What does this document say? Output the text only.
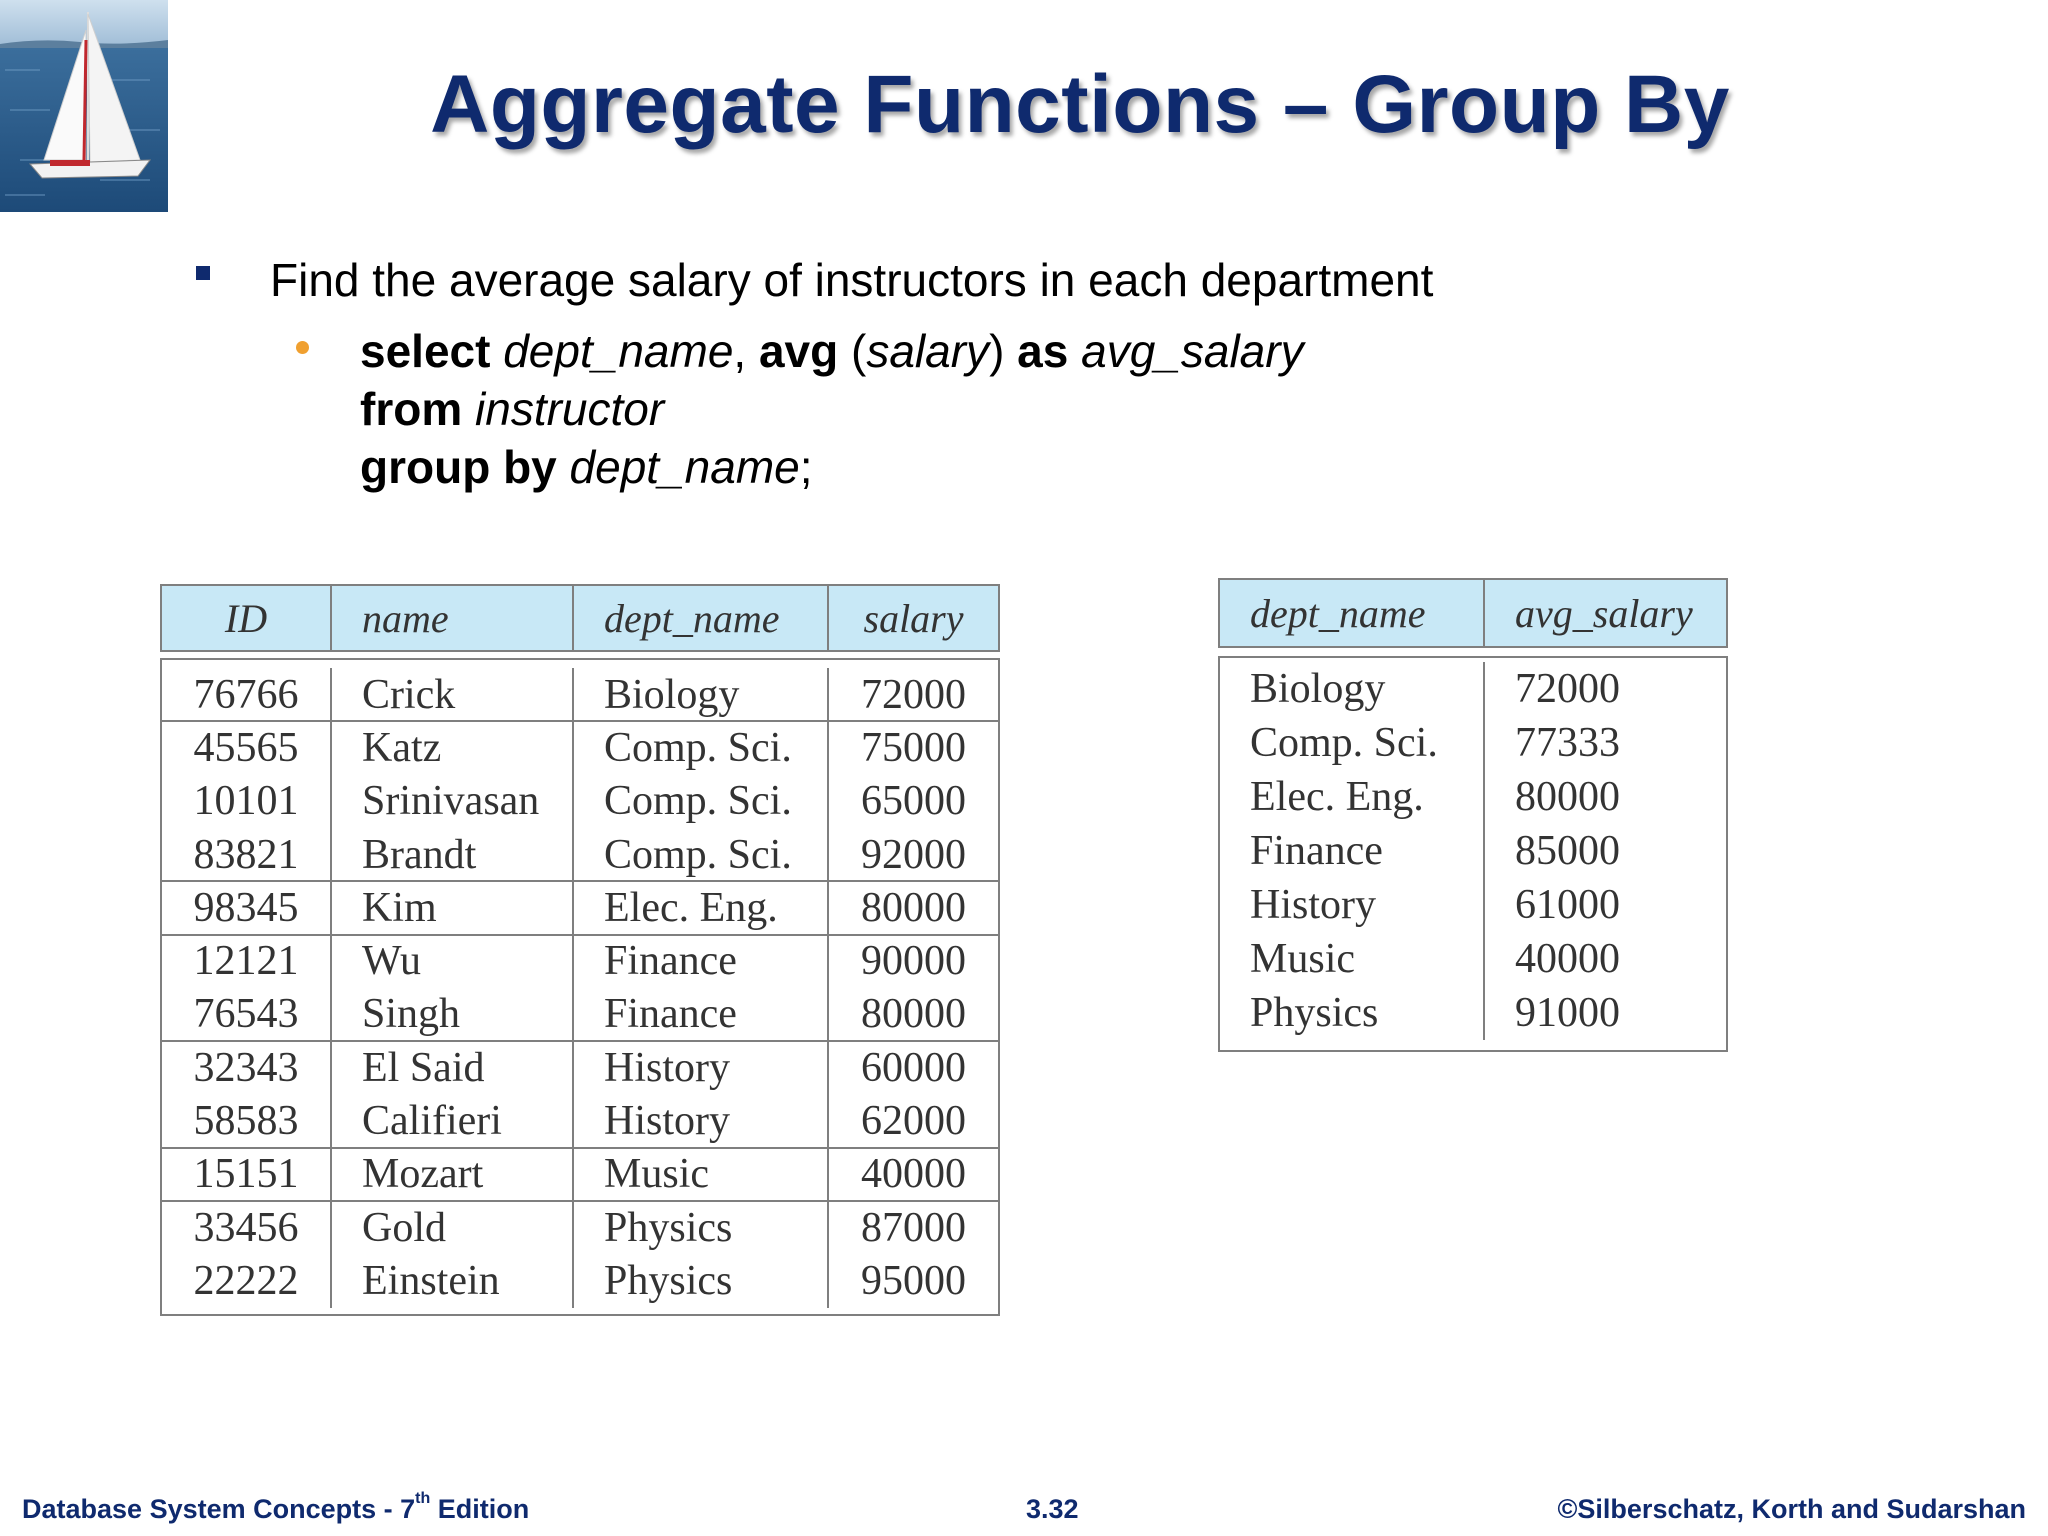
Aggregate Functions – Group By
Find the average salary of instructors in each department
select dept_name, avg (salary) as avg_salary
from instructor
group by dept_name;
ID	name	dept_name	salary
76766	Crick	Biology	72000
45565	Katz	Comp. Sci.	75000
10101	Srinivasan	Comp. Sci.	65000
83821	Brandt	Comp. Sci.	92000
98345	Kim	Elec. Eng.	80000
12121	Wu	Finance	90000
76543	Singh	Finance	80000
32343	El Said	History	60000
58583	Califieri	History	62000
15151	Mozart	Music	40000
33456	Gold	Physics	87000
22222	Einstein	Physics	95000
dept_name	avg_salary
Biology	72000
Comp. Sci.	77333
Elec. Eng.	80000
Finance	85000
History	61000
Music	40000
Physics	91000
Database System Concepts - 7th Edition	3.32	©Silberschatz, Korth and Sudarshan
